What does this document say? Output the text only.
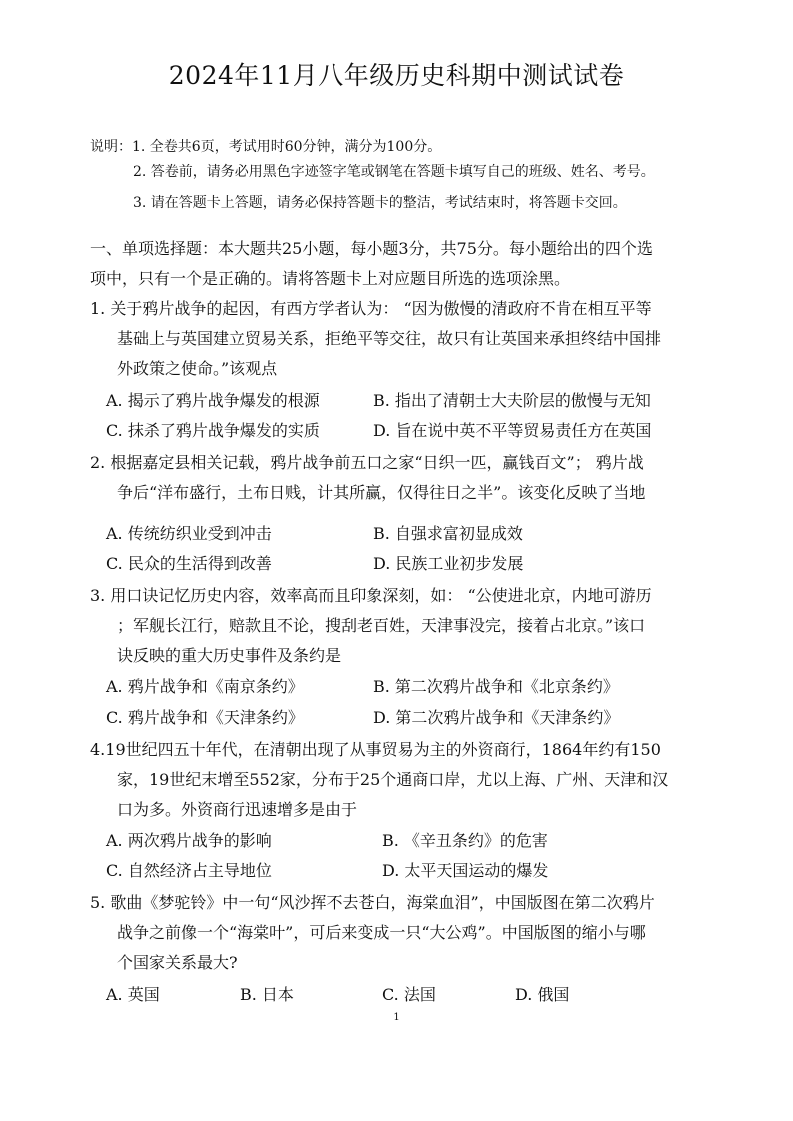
2024年11月八年级历史科期中测试试卷
说明：1. 全卷共6页，考试用时60分钟，满分为100分。
2. 答卷前，请务必用黑色字迹签字笔或钢笔在答题卡填写自己的班级、姓名、考号。
3. 请在答题卡上答题，请务必保持答题卡的整洁，考试结束时，将答题卡交回。
一、单项选择题：本大题共25小题，每小题3分，共75分。每小题给出的四个选
项中，只有一个是正确的。请将答题卡上对应题目所选的选项涂黑。
1. 关于鸦片战争的起因，有西方学者认为： “因为傲慢的清政府不肯在相互平等
基础上与英国建立贸易关系，拒绝平等交往，故只有让英国来承担终结中国排
外政策之使命。”该观点
A. 揭示了鸦片战争爆发的根源	B. 指出了清朝士大夫阶层的傲慢与无知
C. 抹杀了鸦片战争爆发的实质	D. 旨在说中英不平等贸易责任方在英国
2. 根据嘉定县相关记载，鸦片战争前五口之家“日织一匹，赢钱百文”； 鸦片战
争后“洋布盛行，土布日贱，计其所赢，仅得往日之半”。该变化反映了当地
A. 传统纺织业受到冲击	B. 自强求富初显成效
C. 民众的生活得到改善	D. 民族工业初步发展
3. 用口诀记忆历史内容，效率高而且印象深刻，如： “公使进北京，内地可游历
；军舰长江行，赔款且不论，搜刮老百姓，天津事没完，接着占北京。”该口
诀反映的重大历史事件及条约是
A. 鸦片战争和《南京条约》	B. 第二次鸦片战争和《北京条约》
C. 鸦片战争和《天津条约》	D. 第二次鸦片战争和《天津条约》
4.19世纪四五十年代，在清朝出现了从事贸易为主的外资商行，1864年约有150
家，19世纪末增至552家，分布于25个通商口岸，尤以上海、广州、天津和汉
口为多。外资商行迅速增多是由于
A. 两次鸦片战争的影响	B. 《辛丑条约》的危害
C. 自然经济占主导地位	D. 太平天国运动的爆发
5. 歌曲《梦驼铃》中一句“风沙挥不去苍白，海棠血泪”，中国版图在第二次鸦片
战争之前像一个“海棠叶”，可后来变成一只“大公鸡”。中国版图的缩小与哪
个国家关系最大?
A. 英国	B. 日本	C. 法国	D. 俄国
1
